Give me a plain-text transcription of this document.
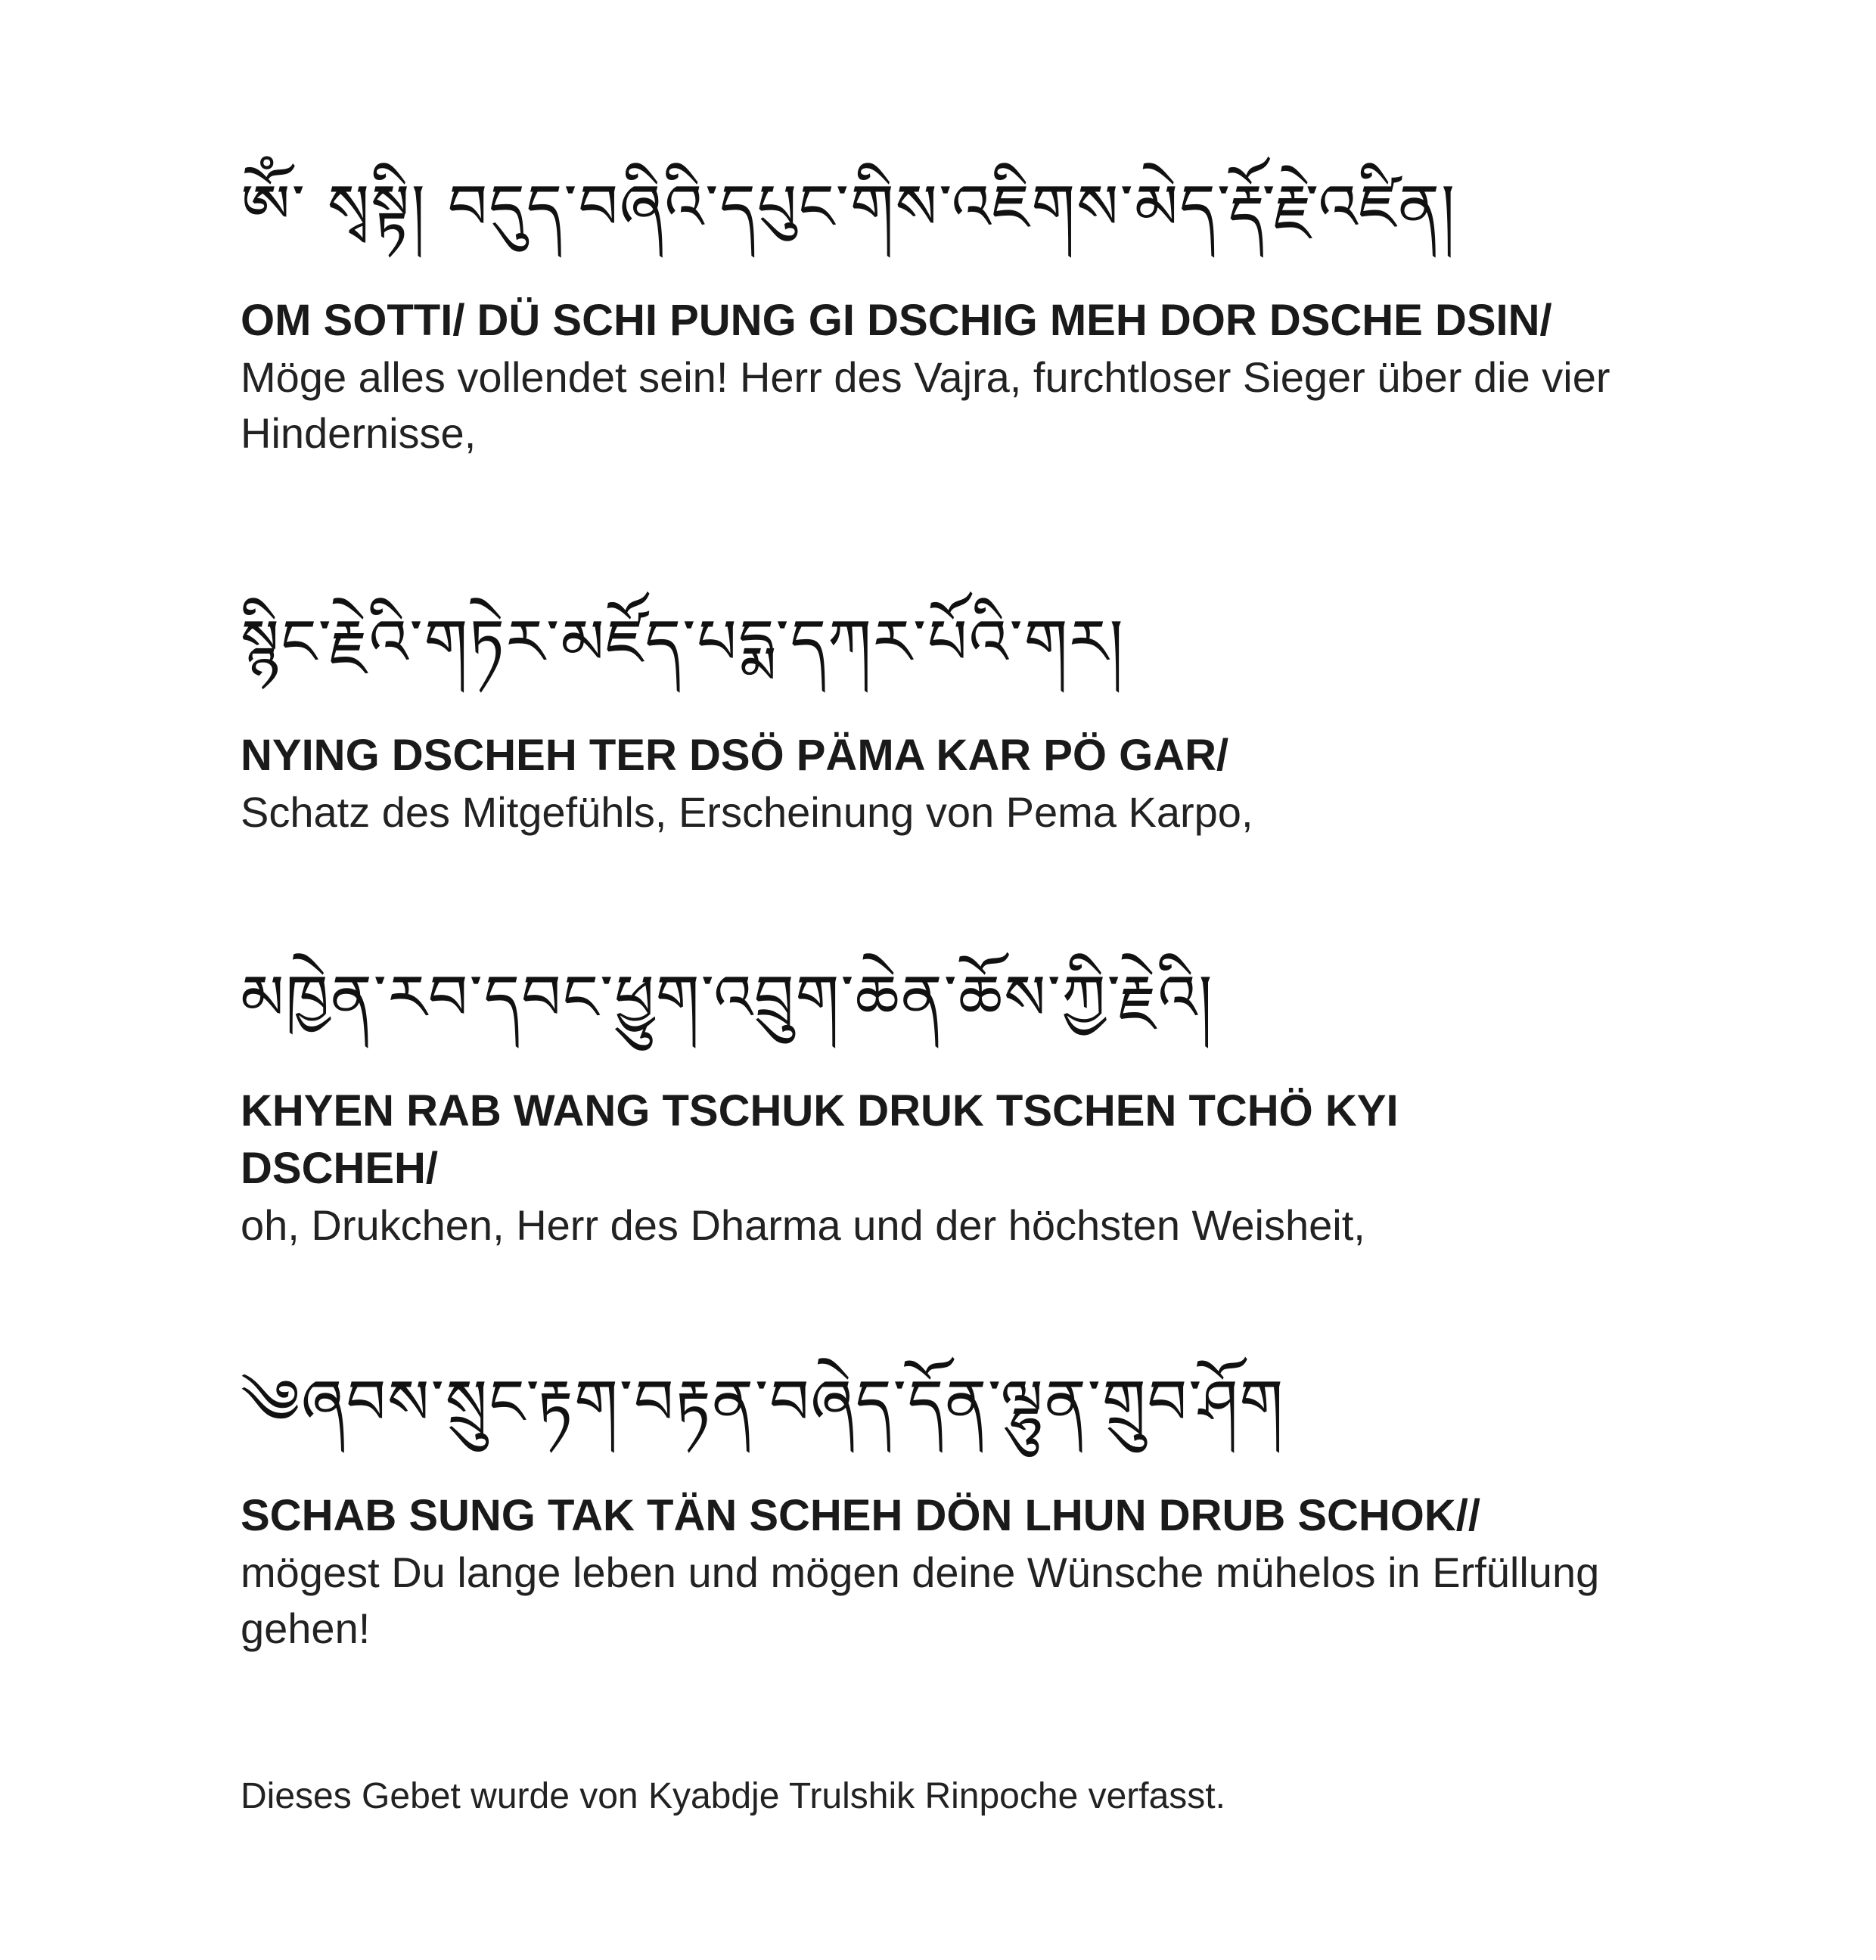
ཨོཾ་ སྭསྟི། བདུད་བཞིའི་དཔུང་གིས་འཇིགས་མེད་རྡོ་རྗེ་འཛིན།
OM SOTTI/ DÜ SCHI PUNG GI DSCHIG MEH DOR DSCHE DSIN/
Möge alles vollendet sein! Herr des Vajra, furchtloser Sieger über die vier Hindernisse,
སྙིང་རྗེའི་གཏེར་མཛོད་པདྨ་དཀར་པོའི་གར།
NYING DSCHEH TER DSÖ PÄMA KAR PÖ GAR/
Schatz des Mitgefühls, Erscheinung von Pema Karpo,
མཁྱེན་རབ་དབང་ཕྱུག་འབྲུག་ཆེན་ཆོས་ཀྱི་རྗེའི།
KHYEN RAB WANG TSCHUK DRUK TSCHEN TCHÖ KYI DSCHEH/
oh, Drukchen, Herr des Dharma und der höchsten Weisheit,
༄ཞབས་སྲུང་རྟག་བརྟན་བཞེད་དོན་ལྷུན་གྲུབ་ཤོག
SCHAB SUNG TAK TÄN SCHEH DÖN LHUN DRUB SCHOK//
mögest Du lange leben und mögen deine Wünsche mühelos in Erfüllung gehen!
Dieses Gebet wurde von Kyabdje Trulshik Rinpoche verfasst.
